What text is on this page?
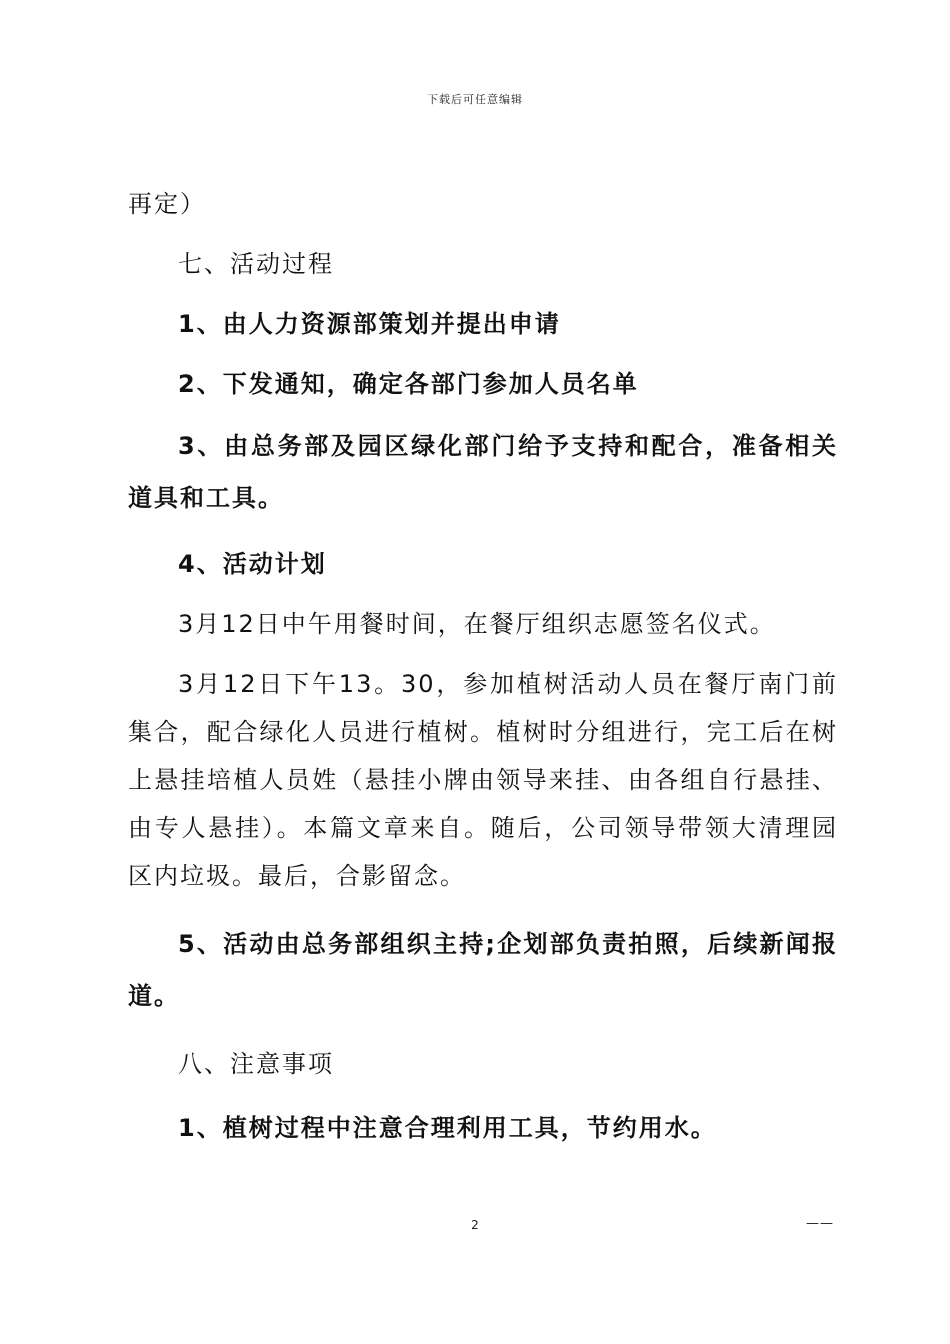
下载后可任意编辑

再定）

七、活动过程

1、由人力资源部策划并提出申请

2、下发通知，确定各部门参加人员名单

3、由总务部及园区绿化部门给予支持和配合，准备相关道具和工具。

4、活动计划

3月12日中午用餐时间，在餐厅组织志愿签名仪式。

3月12日下午13。30，参加植树活动人员在餐厅南门前集合，配合绿化人员进行植树。植树时分组进行，完工后在树上悬挂培植人员姓（悬挂小牌由领导来挂、由各组自行悬挂、由专人悬挂）。本篇文章来自。随后，公司领导带领大清理园区内垃圾。最后，合影留念。

5、活动由总务部组织主持;企划部负责拍照，后续新闻报道。

八、注意事项

1、植树过程中注意合理利用工具，节约用水。

2	——
